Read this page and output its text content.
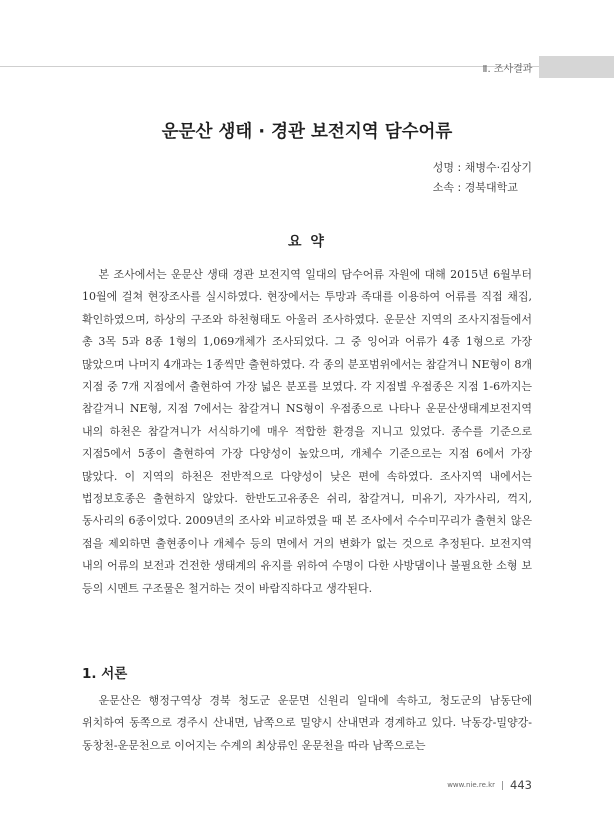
Ⅱ. 조사결과
운문산 생태 · 경관 보전지역 담수어류
성명 : 채병수·김상기
소속 : 경북대학교
요 약
본 조사에서는 운문산 생태 경관 보전지역 일대의 담수어류 자원에 대해 2015년 6월부터 10월에 걸쳐 현장조사를 실시하였다. 현장에서는 투망과 족대를 이용하여 어류를 직접 채집, 확인하였으며, 하상의 구조와 하천형태도 아울러 조사하였다. 운문산 지역의 조사지점들에서 총 3목 5과 8종 1형의 1,069개체가 조사되었다. 그 중 잉어과 어류가 4종 1형으로 가장 많았으며 나머지 4개과는 1종씩만 출현하였다. 각 종의 분포범위에서는 참갈겨니 NE형이 8개 지점 중 7개 지점에서 출현하여 가장 넓은 분포를 보였다. 각 지점별 우점종은 지점 1-6까지는 참갈겨니 NE형, 지점 7에서는 참갈겨니 NS형이 우점종으로 나타나 운문산생태계보전지역 내의 하천은 참갈겨니가 서식하기에 매우 적합한 환경을 지니고 있었다. 종수를 기준으로 지점5에서 5종이 출현하여 가장 다양성이 높았으며, 개체수 기준으로는 지점 6에서 가장 많았다. 이 지역의 하천은 전반적으로 다양성이 낮은 편에 속하였다. 조사지역 내에서는 법정보호종은 출현하지 않았다. 한반도고유종은 쉬리, 참갈겨니, 미유기, 자가사리, 꺽지, 동사리의 6종이었다. 2009년의 조사와 비교하였을 때 본 조사에서 수수미꾸리가 출현치 않은 점을 제외하면 출현종이나 개체수 등의 면에서 거의 변화가 없는 것으로 추정된다. 보전지역 내의 어류의 보전과 건전한 생태계의 유지를 위하여 수명이 다한 사방댐이나 불필요한 소형 보 등의 시멘트 구조물은 철거하는 것이 바람직하다고 생각된다.
1. 서론
운문산은 행정구역상 경북 청도군 운문면 신원리 일대에 속하고, 청도군의 남동단에 위치하여 동쪽으로 경주시 산내면, 남쪽으로 밀양시 산내면과 경계하고 있다. 낙동강-밀양강-동창천-운문천으로 이어지는 수계의 최상류인 운문천을 따라 남쪽으로는
www.nie.re.kr 443
